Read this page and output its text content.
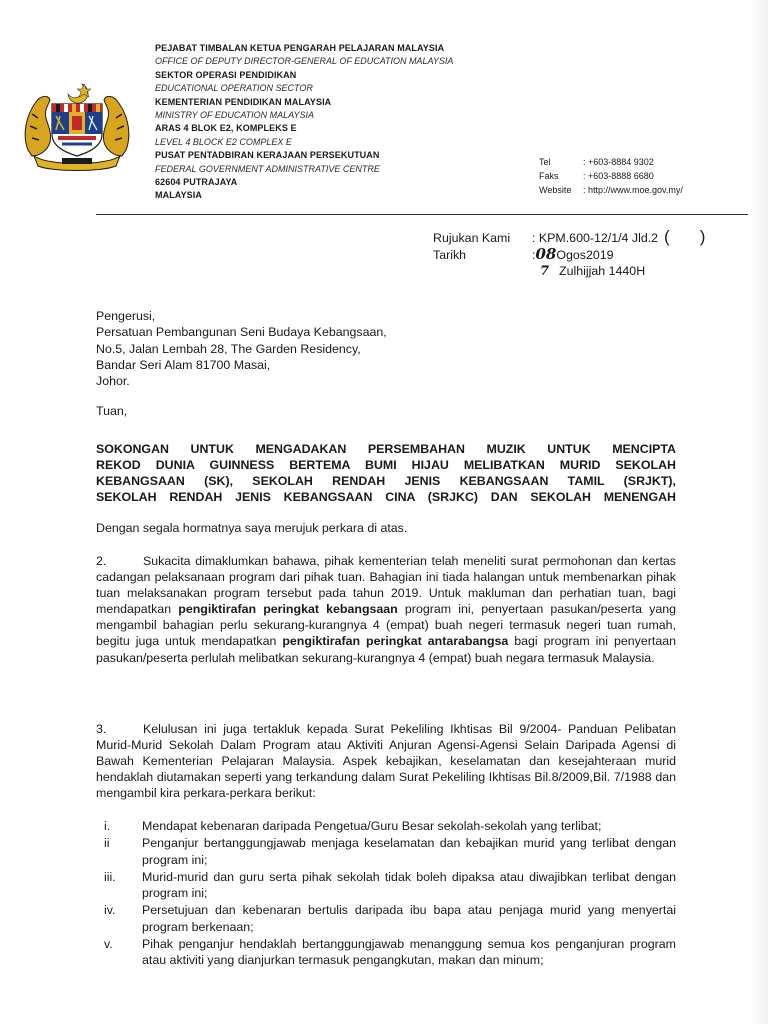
PEJABAT TIMBALAN KETUA PENGARAH PELAJARAN MALAYSIA
OFFICE OF DEPUTY DIRECTOR-GENERAL OF EDUCATION MALAYSIA
SEKTOR OPERASI PENDIDIKAN
EDUCATIONAL OPERATION SECTOR
KEMENTERIAN PENDIDIKAN MALAYSIA
MINISTRY OF EDUCATION MALAYSIA
ARAS 4 BLOK E2, KOMPLEKS E
LEVEL 4 BLOCK E2 COMPLEX E
PUSAT PENTADBIRAN KERAJAAN PERSEKUTUAN
FEDERAL GOVERNMENT ADMINISTRATIVE CENTRE
62604 PUTRAJAYA
MALAYSIA
Tel	: +603-8884 9302
Faks	: +603-8888 6680
Website	: http://www.moe.gov.my/
Rujukan Kami	: KPM.600-12/1/4 Jld.2 ( )
Tarikh	: 08 Ogos2019
7 Zulhijjah 1440H
Pengerusi,
Persatuan Pembangunan Seni Budaya Kebangsaan,
No.5, Jalan Lembah 28, The Garden Residency,
Bandar Seri Alam 81700 Masai,
Johor.
Tuan,
SOKONGAN UNTUK MENGADAKAN PERSEMBAHAN MUZIK UNTUK MENCIPTA
REKOD DUNIA GUINNESS BERTEMA BUMI HIJAU MELIBATKAN MURID SEKOLAH
KEBANGSAAN (SK), SEKOLAH RENDAH JENIS KEBANGSAAN TAMIL (SRJKT),
SEKOLAH RENDAH JENIS KEBANGSAAN CINA (SRJKC) DAN SEKOLAH MENENGAH
Dengan segala hormatnya saya merujuk perkara di atas.
2.	Sukacita dimaklumkan bahawa, pihak kementerian telah meneliti surat permohonan dan kertas cadangan pelaksanaan program dari pihak tuan. Bahagian ini tiada halangan untuk membenarkan pihak tuan melaksanakan program tersebut pada tahun 2019. Untuk makluman dan perhatian tuan, bagi mendapatkan pengiktirafan peringkat kebangsaan program ini, penyertaan pasukan/peserta yang mengambil bahagian perlu sekurang-kurangnya 4 (empat) buah negeri termasuk negeri tuan rumah, begitu juga untuk mendapatkan pengiktirafan peringkat antarabangsa bagi program ini penyertaan pasukan/peserta perlulah melibatkan sekurang-kurangnya 4 (empat) buah negara termasuk Malaysia.
3.	Kelulusan ini juga tertakluk kepada Surat Pekeliling Ikhtisas Bil 9/2004- Panduan Pelibatan Murid-Murid Sekolah Dalam Program atau Aktiviti Anjuran Agensi-Agensi Selain Daripada Agensi di Bawah Kementerian Pelajaran Malaysia. Aspek kebajikan, keselamatan dan kesejahteraan murid hendaklah diutamakan seperti yang terkandung dalam Surat Pekeliling Ikhtisas Bil.8/2009,Bil. 7/1988 dan mengambil kira perkara-perkara berikut:
i.	Mendapat kebenaran daripada Pengetua/Guru Besar sekolah-sekolah yang terlibat;
ii	Penganjur bertanggungjawab menjaga keselamatan dan kebajikan murid yang terlibat dengan program ini;
iii.	Murid-murid dan guru serta pihak sekolah tidak boleh dipaksa atau diwajibkan terlibat dengan program ini;
iv.	Persetujuan dan kebenaran bertulis daripada ibu bapa atau penjaga murid yang menyertai program berkenaan;
v.	Pihak penganjur hendaklah bertanggungjawab menanggung semua kos penganjuran program atau aktiviti yang dianjurkan termasuk pengangkutan, makan dan minum;
